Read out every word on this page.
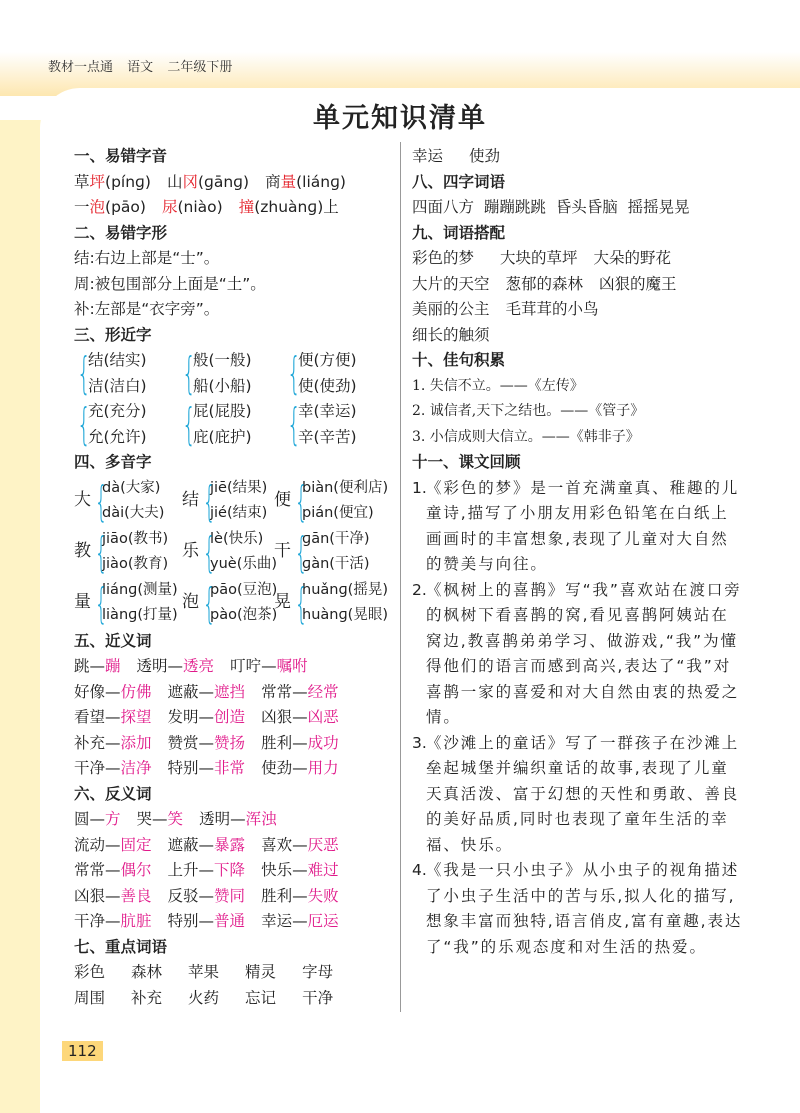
教材一点通 语文 二年级下册
单元知识清单
一、易错字音
草坪(pínɡ) 山冈(ɡānɡ) 商量(liánɡ)
一泡(pāo) 尿(niào) 撞(zhuànɡ)上
二、易错字形
结:右边上部是“士”。
周:被包围部分上面是“土”。
补:左部是“衣字旁”。
三、形近字
{
结(结实)
洁(洁白) {
般(一般)
船(小船) {
便(方便)
使(使劲)
{
充(充分)
允(允许) {
屁(屁股)
庇(庇护) {
幸(幸运)
辛(辛苦)
四、多音字
大 {
dà(大家)
dài(大夫)
结 {
jiē(结果)
jié(结束)
便 {
biàn(便利店)
pián(便宜)
教 {
jiāo(教书)
jiào(教育)
乐 {
lè(快乐)
yuè(乐曲)
干 {
ɡān(干净)
ɡàn(干活)
量 {
liánɡ(测量)
liànɡ(打量)
泡 {
pāo(豆泡)
pào(泡茶)
晃 {
huǎnɡ(摇晃)
huànɡ(晃眼)
五、近义词
跳—蹦 透明—透亮 叮咛—嘱咐
好像—仿佛 遮蔽—遮挡 常常—经常
看望—探望 发明—创造 凶狠—凶恶
补充—添加 赞赏—赞扬 胜利—成功
干净—洁净 特别—非常 使劲—用力
六、反义词
圆—方 哭—笑 透明—浑浊
流动—固定 遮蔽—暴露 喜欢—厌恶
常常—偶尔 上升—下降 快乐—难过
凶狠—善良 反驳—赞同 胜利—失败
干净—肮脏 特别—普通 幸运—厄运
七、重点词语
彩色 森林 苹果 精灵 字母
周围 补充 火药 忘记 干净
幸运 使劲
八、四字词语
四面八方 蹦蹦跳跳 昏头昏脑 摇摇晃晃
九、词语搭配
彩色的梦 大块的草坪 大朵的野花
大片的天空 葱郁的森林 凶狠的魔王
美丽的公主 毛茸茸的小鸟
细长的触须
十、佳句积累
1. 失信不立。——《左传》
2. 诚信者,天下之结也。——《管子》
3. 小信成则大信立。——《韩非子》
十一、课文回顾
1. 《彩色的梦》是一首充满童真、稚趣的儿童诗,描写了小朋友用彩色铅笔在白纸上画画时的丰富想象,表现了儿童对大自然的赞美与向往。
2. 《枫树上的喜鹊》写“我”喜欢站在渡口旁的枫树下看喜鹊的窝,看见喜鹊阿姨站在窝边,教喜鹊弟弟学习、做游戏,“我”为懂得他们的语言而感到高兴,表达了“我”对喜鹊一家的喜爱和对大自然由衷的热爱之情。
3. 《沙滩上的童话》写了一群孩子在沙滩上垒起城堡并编织童话的故事,表现了儿童天真活泼、富于幻想的天性和勇敢、善良的美好品质,同时也表现了童年生活的幸福、快乐。
4. 《我是一只小虫子》从小虫子的视角描述了小虫子生活中的苦与乐,拟人化的描写,想象丰富而独特,语言俏皮,富有童趣,表达了“我”的乐观态度和对生活的热爱。
112
